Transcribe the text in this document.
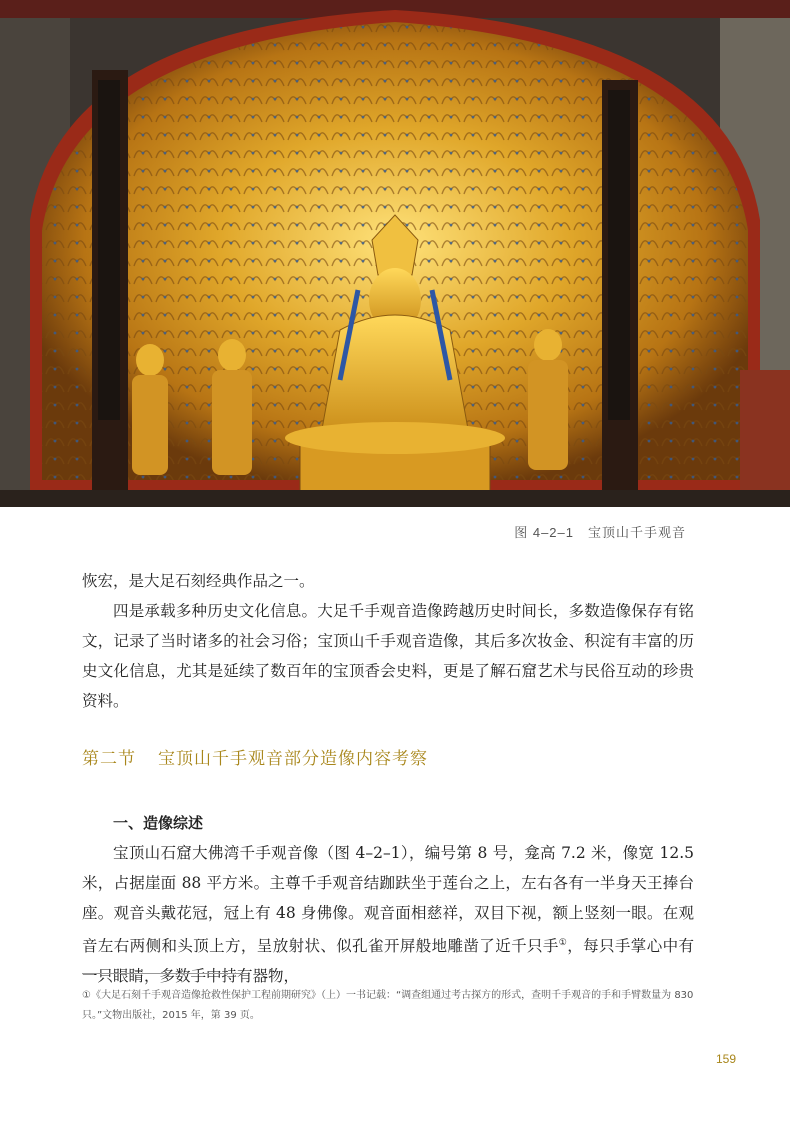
图 4–2–1　宝顶山千手观音

恢宏，是大足石刻经典作品之一。

四是承载多种历史文化信息。大足千手观音造像跨越历史时间长，多数造像保存有铭文，记录了当时诸多的社会习俗；宝顶山千手观音造像，其后多次妆金、积淀有丰富的历史文化信息，尤其是延续了数百年的宝顶香会史料，更是了解石窟艺术与民俗互动的珍贵资料。

第二节 宝顶山千手观音部分造像内容考察
一、造像综述

宝顶山石窟大佛湾千手观音像（图 4–2–1），编号第 8 号，龛高 7.2 米，像宽 12.5 米，占据崖面 88 平方米。主尊千手观音结跏趺坐于莲台之上，左右各有一半身天王捧台座。观音头戴花冠，冠上有 48 身佛像。观音面相慈祥，双目下视，额上竖刻一眼。在观音左右两侧和头顶上方，呈放射状、似孔雀开屏般地雕凿了近千只手①，每只手掌心中有一只眼睛，多数手中持有器物，

①《大足石刻千手观音造像抢救性保护工程前期研究》（上）一书记载：“调查组通过考古探方的形式，查明千手观音的手和手臂数量为 830 只。”文物出版社，2015 年，第 39 页。

159
